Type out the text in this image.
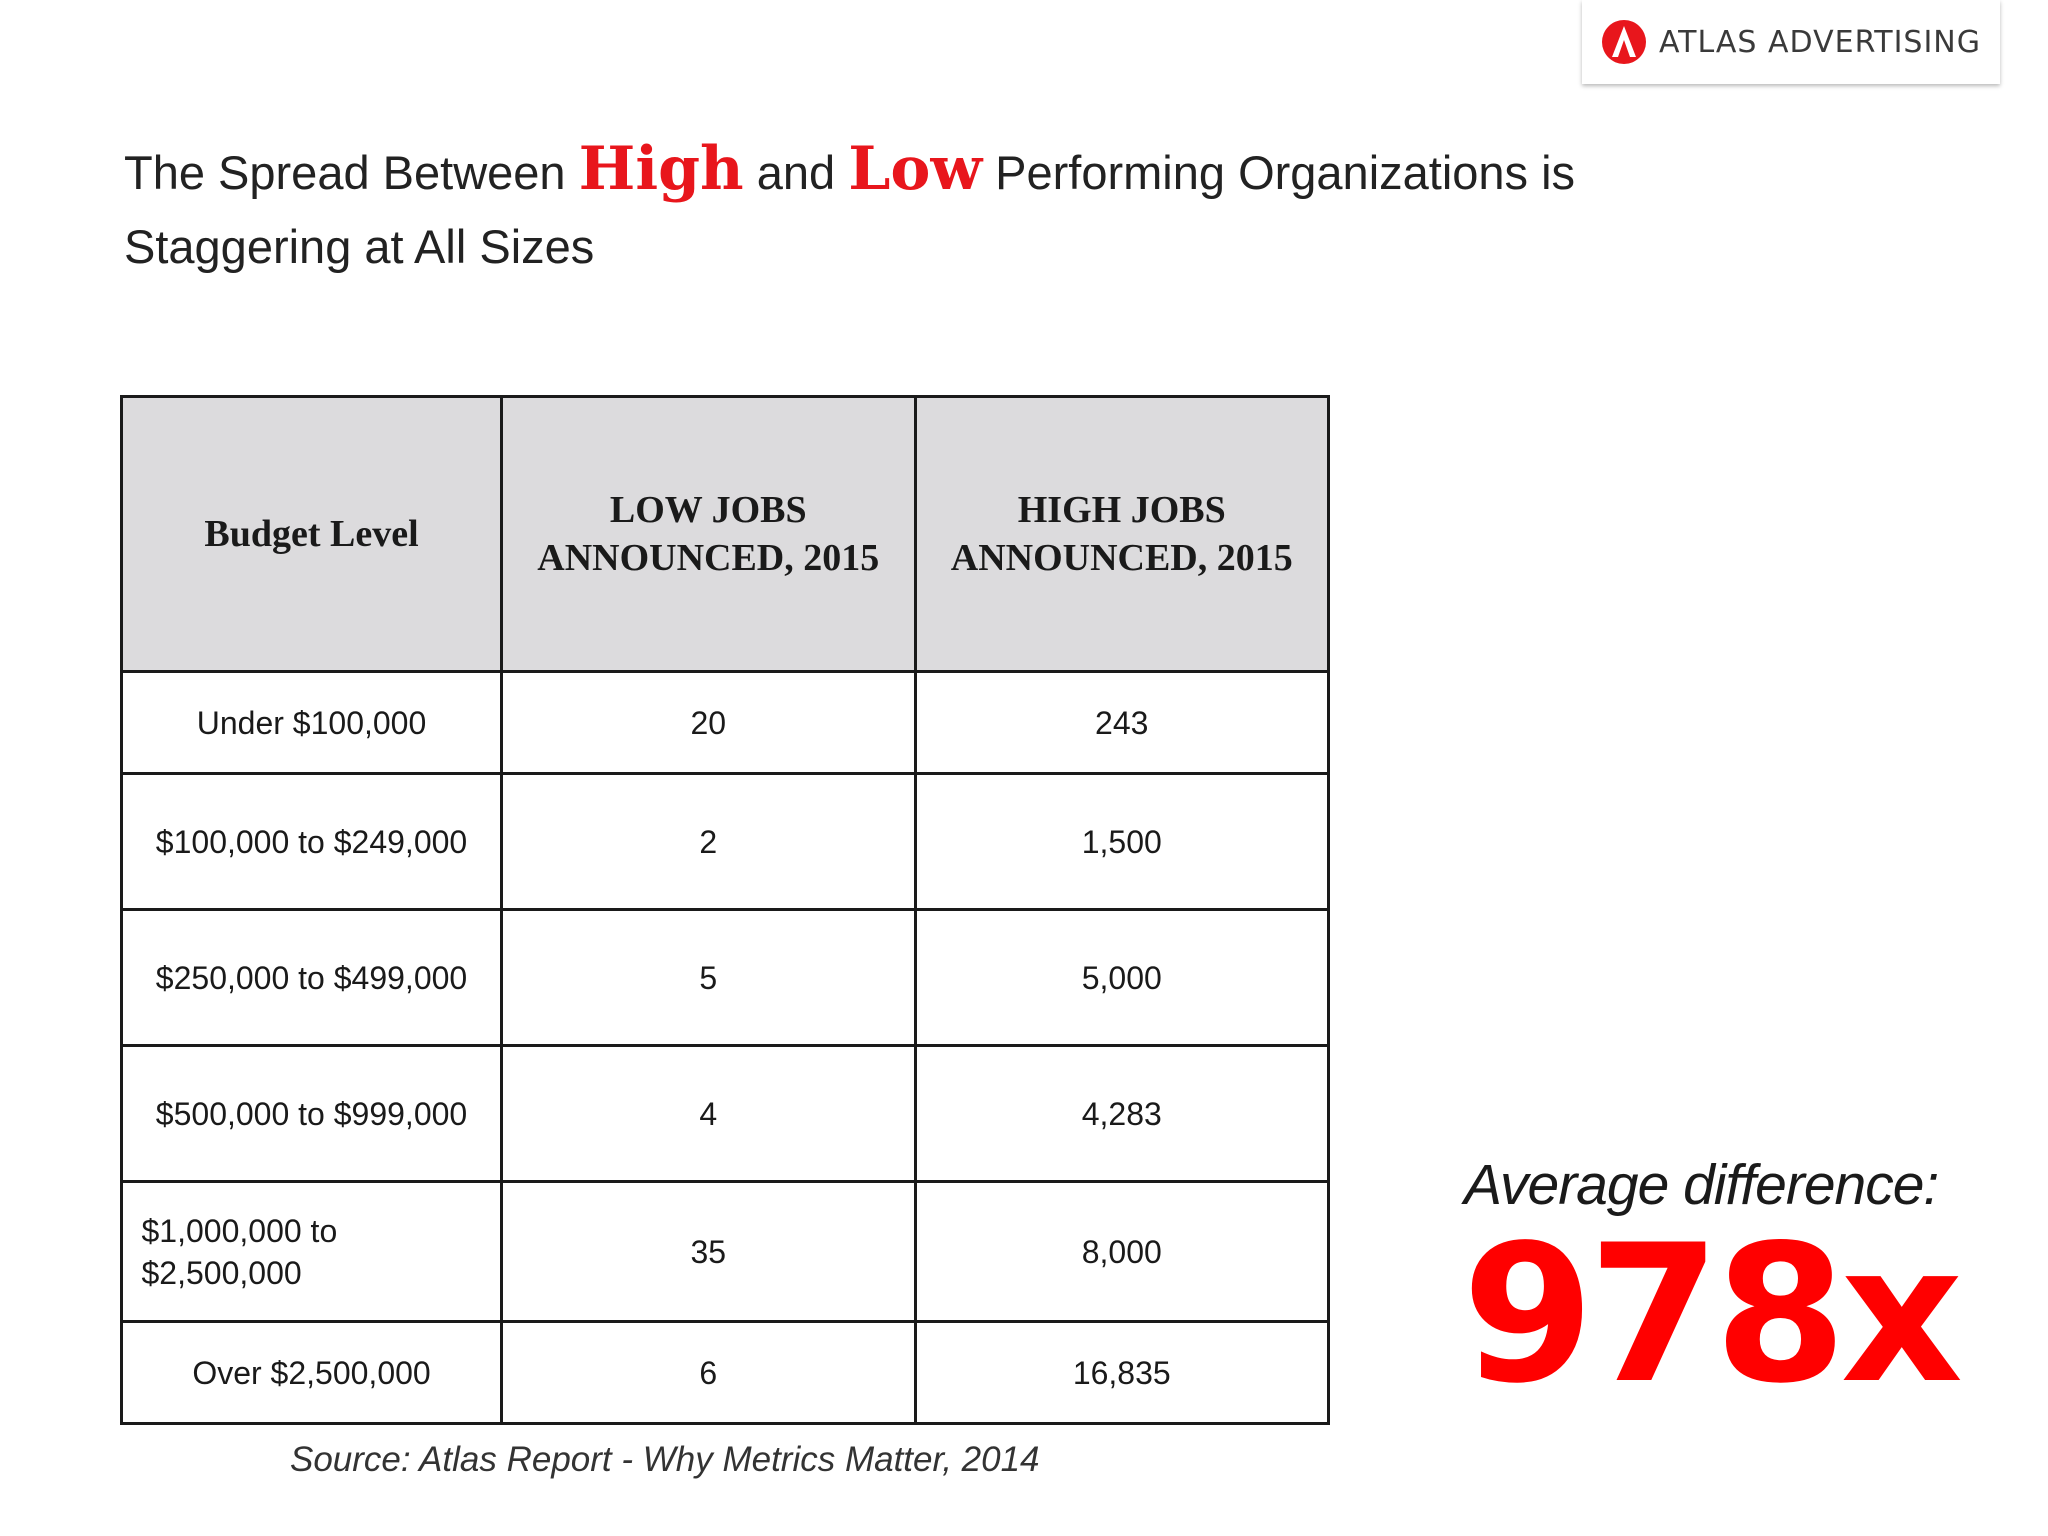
ATLAS ADVERTISING
The Spread Between High and Low Performing Organizations is Staggering at All Sizes
Budget Level	LOW JOBS ANNOUNCED, 2015	HIGH JOBS ANNOUNCED, 2015
Under $100,000	20	243
$100,000 to $249,000	2	1,500
$250,000 to $499,000	5	5,000
$500,000 to $999,000	4	4,283
$1,000,000 to $2,500,000	35	8,000
Over $2,500,000	6	16,835
Source: Atlas Report - Why Metrics Matter, 2014
Average difference:
978x
